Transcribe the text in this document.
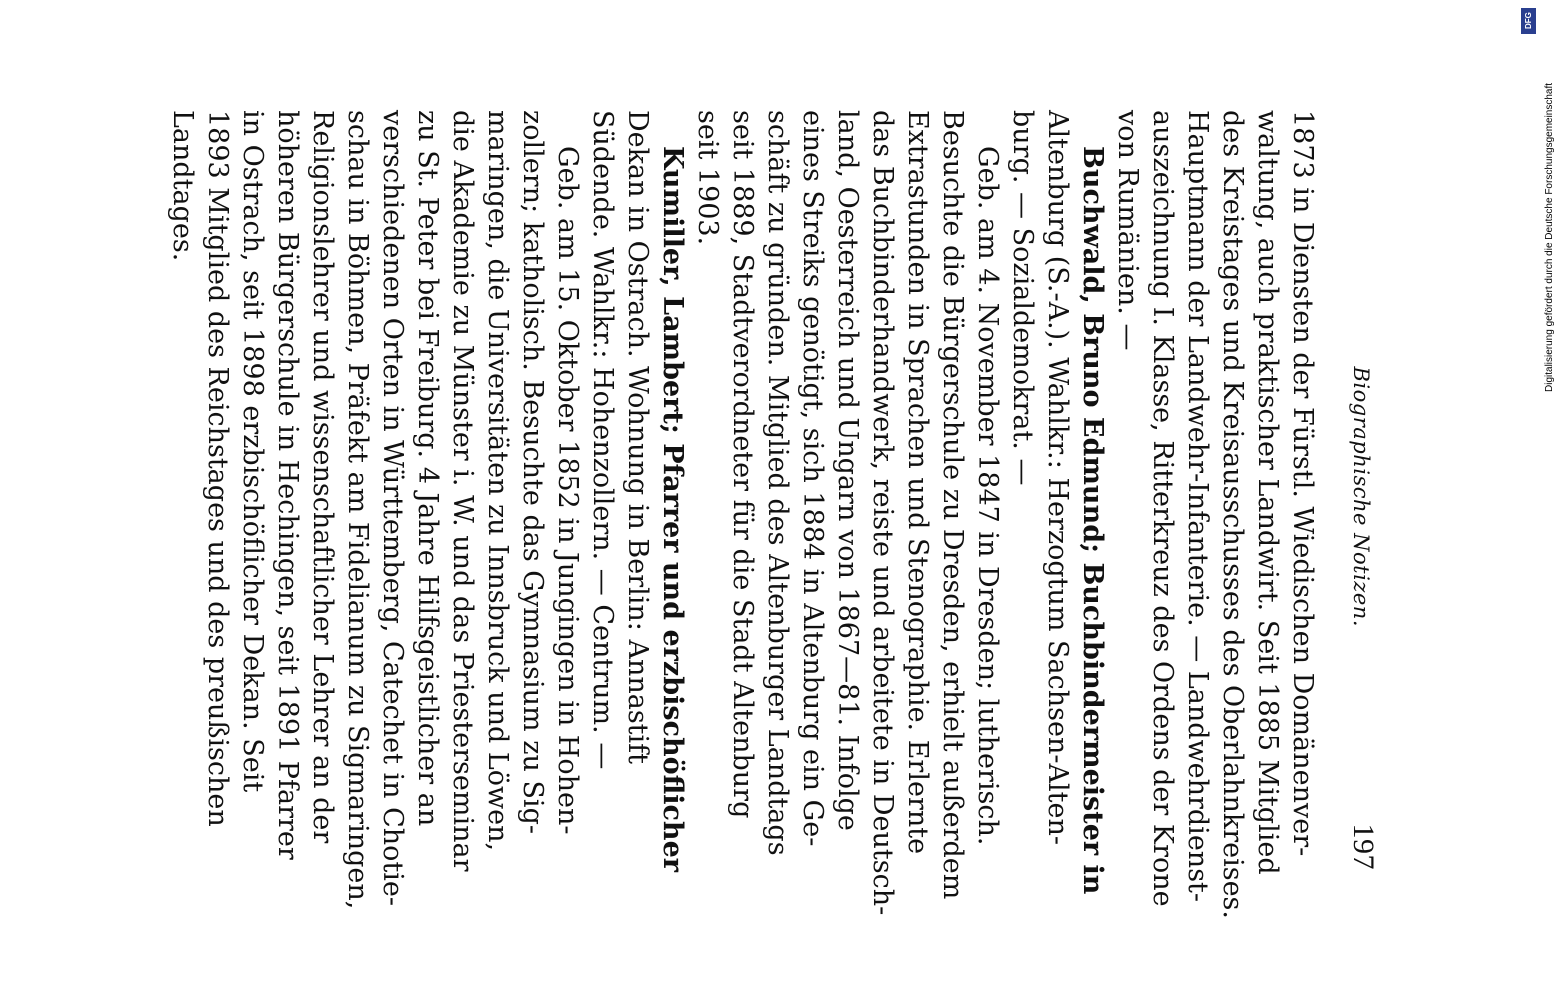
Biographische Notizen.
197
1873 in Diensten der Fürstl. Wiedischen Domänenver-
waltung, auch praktischer Landwirt. Seit 1885 Mitglied
des Kreistages und Kreisausschusses des Oberlahnkreises.
Hauptmann der Landwehr-Infanterie. — Landwehrdienst-
auszeichnung I. Klasse, Ritterkreuz des Ordens der Krone
von Rumänien. —
Buchwald, Bruno Edmund; Buchbindermeister in
Altenburg (S.-A.). Wahlkr.: Herzogtum Sachsen-Alten-
burg. — Sozialdemokrat. —
Geb. am 4. November 1847 in Dresden; lutherisch.
Besuchte die Bürgerschule zu Dresden, erhielt außerdem
Extrastunden in Sprachen und Stenographie. Erlernte
das Buchbinderhandwerk, reiste und arbeitete in Deutsch-
land, Oesterreich und Ungarn von 1867—81. Infolge
eines Streiks genötigt, sich 1884 in Altenburg ein Ge-
schäft zu gründen. Mitglied des Altenburger Landtags
seit 1889, Stadtverordneter für die Stadt Altenburg
seit 1903.
Kumiller, Lambert; Pfarrer und erzbischöflicher
Dekan in Ostrach. Wohnung in Berlin: Annastift
Südende. Wahlkr.: Hohenzollern. — Centrum. —
Geb. am 15. Oktober 1852 in Jungingen in Hohen-
zollern; katholisch. Besuchte das Gymnasium zu Sig-
maringen, die Universitäten zu Innsbruck und Löwen,
die Akademie zu Münster i. W. und das Priesterseminar
zu St. Peter bei Freiburg. 4 Jahre Hilfsgeistlicher an
verschiedenen Orten in Württemberg, Catechet in Chotie-
schau in Böhmen, Präfekt am Fidelianum zu Sigmaringen,
Religionslehrer und wissenschaftlicher Lehrer an der
höheren Bürgerschule in Hechingen, seit 1891 Pfarrer
in Ostrach, seit 1898 erzbischöflicher Dekan. Seit
1893 Mitglied des Reichstages und des preußischen
Landtages.
DFG
Digitalisierung gefördert durch die Deutsche Forschungsgemeinschaft
